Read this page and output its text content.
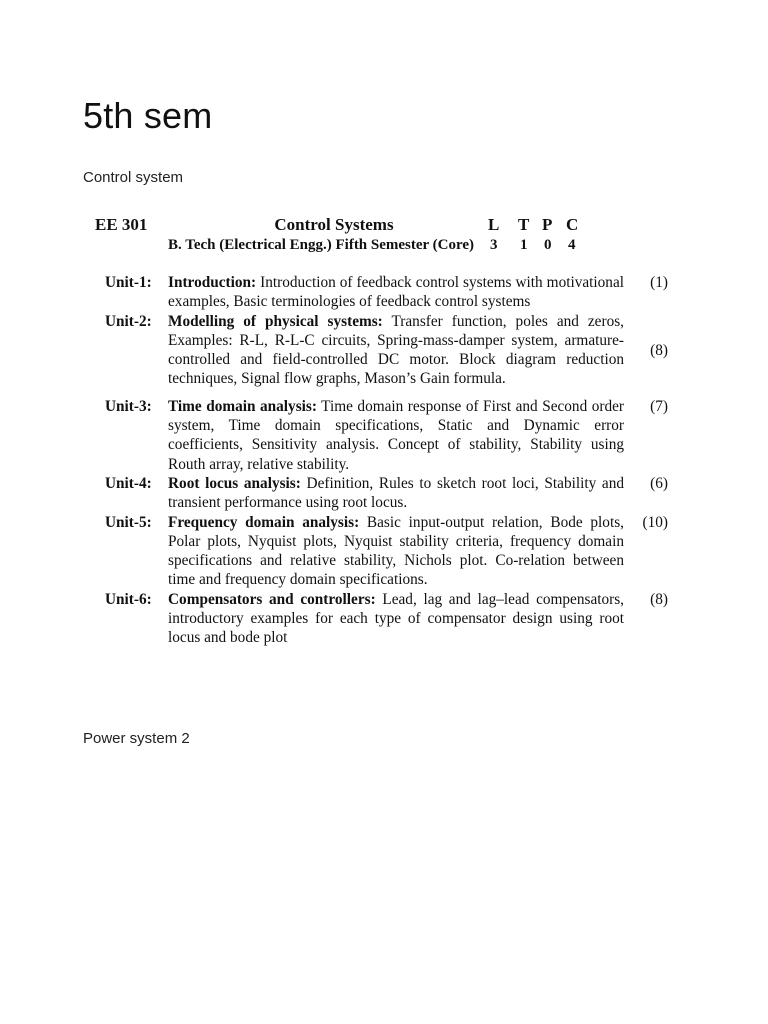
5th sem

Control system

EE 301	Control Systems	L	T P C
B. Tech (Electrical Engg.) Fifth Semester (Core)	3	1	0	4
Unit-1:	Introduction: Introduction of feedback control systems with motivational examples, Basic terminologies of feedback control systems
(1)
Unit-2:	Modelling of physical systems: Transfer function, poles and zeros, Examples: R-L, R-L-C circuits, Spring-mass-damper system, armature-controlled and field-controlled DC motor. Block diagram reduction techniques, Signal flow graphs, Mason’s Gain formula.
(8)
Unit-3:	Time domain analysis: Time domain response of First and Second order system, Time domain specifications, Static and Dynamic error coefficients, Sensitivity analysis. Concept of stability, Stability using Routh array, relative stability.
(7)
Unit-4:	Root locus analysis: Definition, Rules to sketch root loci, Stability and transient performance using root locus.
(6)
Unit-5:	Frequency domain analysis: Basic input-output relation, Bode plots, Polar plots, Nyquist plots, Nyquist stability criteria, frequency domain specifications and relative stability, Nichols plot. Co-relation between time and frequency domain specifications.
(10)
Unit-6:	Compensators and controllers: Lead, lag and lag–lead compensators, introductory examples for each type of compensator design using root locus and bode plot
(8)

Power system 2
